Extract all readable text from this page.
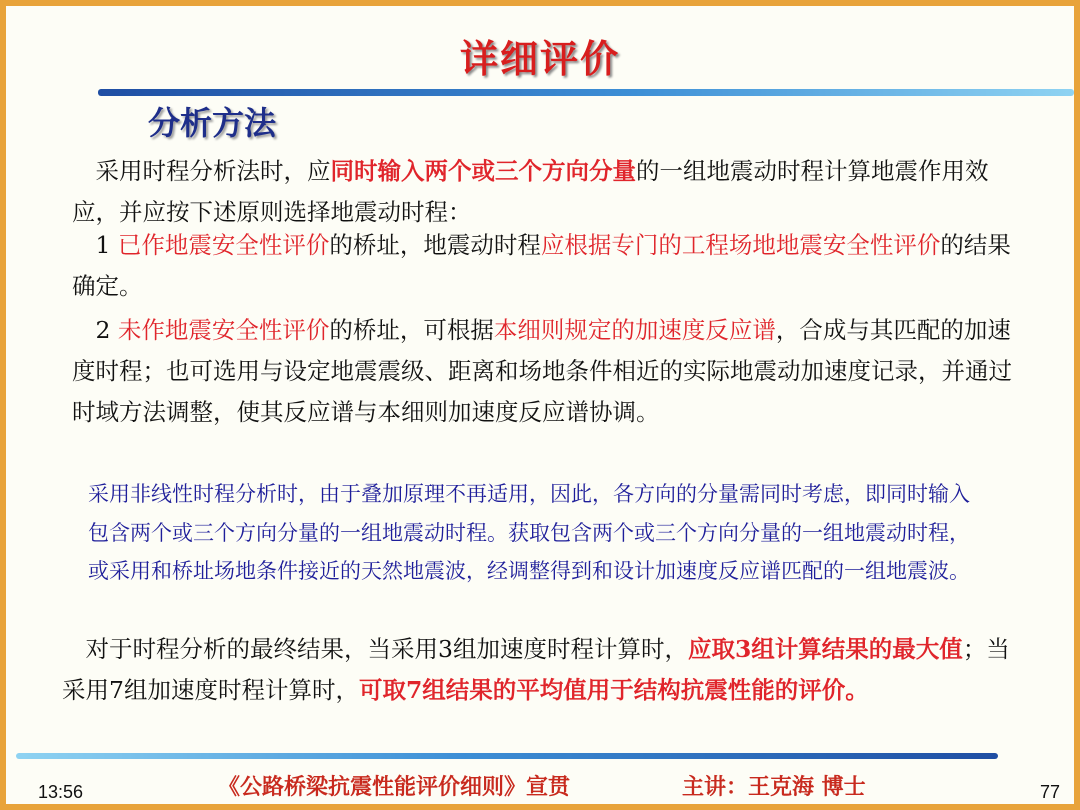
详细评价
分析方法

 采用时程分析法时，应同时输入两个或三个方向分量的一组地震动时程计算地震作用效应，并应按下述原则选择地震动时程：

 1 已作地震安全性评价的桥址，地震动时程应根据专门的工程场地地震安全性评价的结果确定。

 2 未作地震安全性评价的桥址，可根据本细则规定的加速度反应谱，合成与其匹配的加速度时程；也可选用与设定地震震级、距离和场地条件相近的实际地震动加速度记录，并通过时域方法调整，使其反应谱与本细则加速度反应谱协调。

采用非线性时程分析时，由于叠加原理不再适用，因此，各方向的分量需同时考虑，即同时输入包含两个或三个方向分量的一组地震动时程。获取包含两个或三个方向分量的一组地震动时程，或采用和桥址场地条件接近的天然地震波，经调整得到和设计加速度反应谱匹配的一组地震波。

 对于时程分析的最终结果，当采用3组加速度时程计算时，应取3组计算结果的最大值；当采用7组加速度时程计算时，可取7组结果的平均值用于结构抗震性能的评价。

13:56	《公路桥梁抗震性能评价细则》宣贯	主讲：王克海 博士	77
